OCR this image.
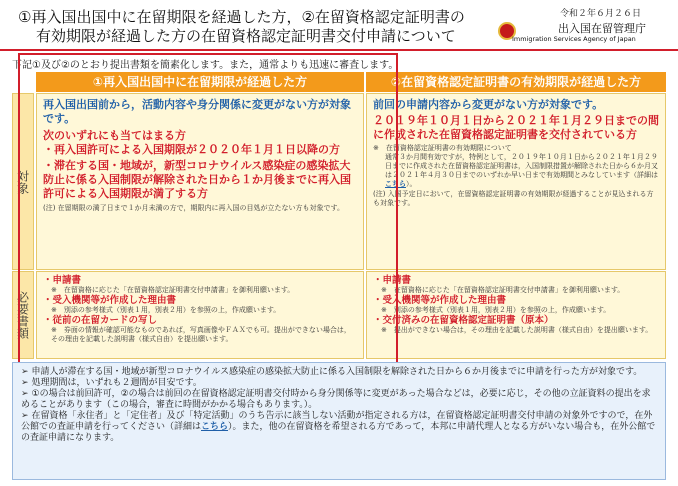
①再入国出国中に在留期限を経過した方，②在留資格認定証明書の
有効期限が経過した方の在留資格認定証明書交付申請について
令和２年６月２６日
出入国在留管理庁
Immigration Services Agency of Japan
下記①及び②のとおり提出書類を簡素化します。また，通常よりも迅速に審査します。
①再入国出国中に在留期限が経過した方	②在留資格認定証明書の有効期限が経過した方
対象
必要書類
再入国出国前から，活動内容や身分関係に変更がない方が対象です。
次のいずれにも当てはまる方
・再入国許可による入国期限が２０２０年１月１日以降の方
・滞在する国・地域が，新型コロナウイルス感染症の感染拡大防止に係る入国制限が解除された日から１か月後までに再入国許可による入国期限が満了する方
(注) 在留期限の満了日まで１か月未満の方で，期限内に再入国の目処が立たない方も対象です。
前回の申請内容から変更がない方が対象です。
２０１９年１０月１日から２０２１年１月２９日までの間に作成された在留資格認定証明書を交付されている方
※　在留資格認定証明書の有効期限について
通常３か月間有効ですが，特例として，２０１９年１０月１日から２０２１年１月２９日までに作成された在留資格認定証明書は，入国制限措置が解除された日から６か月又は２０２１年４月３０日までのいずれか早い日まで有効期間とみなしています（詳細はこちら）。
(注) 入国予定日において，在留資格認定証明書の有効期限が経過することが見込まれる方も対象です。
・申請書
※　在留資格に応じた「在留資格認定証明書交付申請書」を御利用願います。
・受入機関等が作成した理由書
※　別添の参考様式（別表１用，別表２用）を参照の上，作成願います。
・従前の在留カードの写し
※　券面の情報が確認可能なものであれば，写真画像やＦＡＸでも可。提出ができない場合は，その理由を記載した説明書（様式自由）を提出願います。
・申請書
※　在留資格に応じた「在留資格認定証明書交付申請書」を御利用願います。
・受入機関等が作成した理由書
※　別添の参考様式（別表１用，別表２用）を参照の上，作成願います。
・交付済みの在留資格認定証明書（原本）
※　提出ができない場合は，その理由を記載した説明書（様式自由）を提出願います。
➢ 申請人が滞在する国・地域が新型コロナウイルス感染症の感染拡大防止に係る入国制限を解除された日から６か月後までに申請を行った方が対象です。
➢ 処理期間は，いずれも２週間が目安です。
➢ ①の場合は前回許可，②の場合は前回の在留資格認定証明書交付時から身分関係等に変更があった場合などは，必要に応じ，その他の立証資料の提出を求めることがあります（この場合，審査に時間がかかる場合もあります。）。
➢ 在留資格「永住者」と「定住者」及び「特定活動」のうち告示に該当しない活動が指定される方は，在留資格認定証明書交付申請の対象外ですので，在外公館での査証申請を行ってください（詳細はこちら）。また，他の在留資格を希望される方であって，本邦に申請代理人となる方がいない場合も，在外公館での査証申請になります。
